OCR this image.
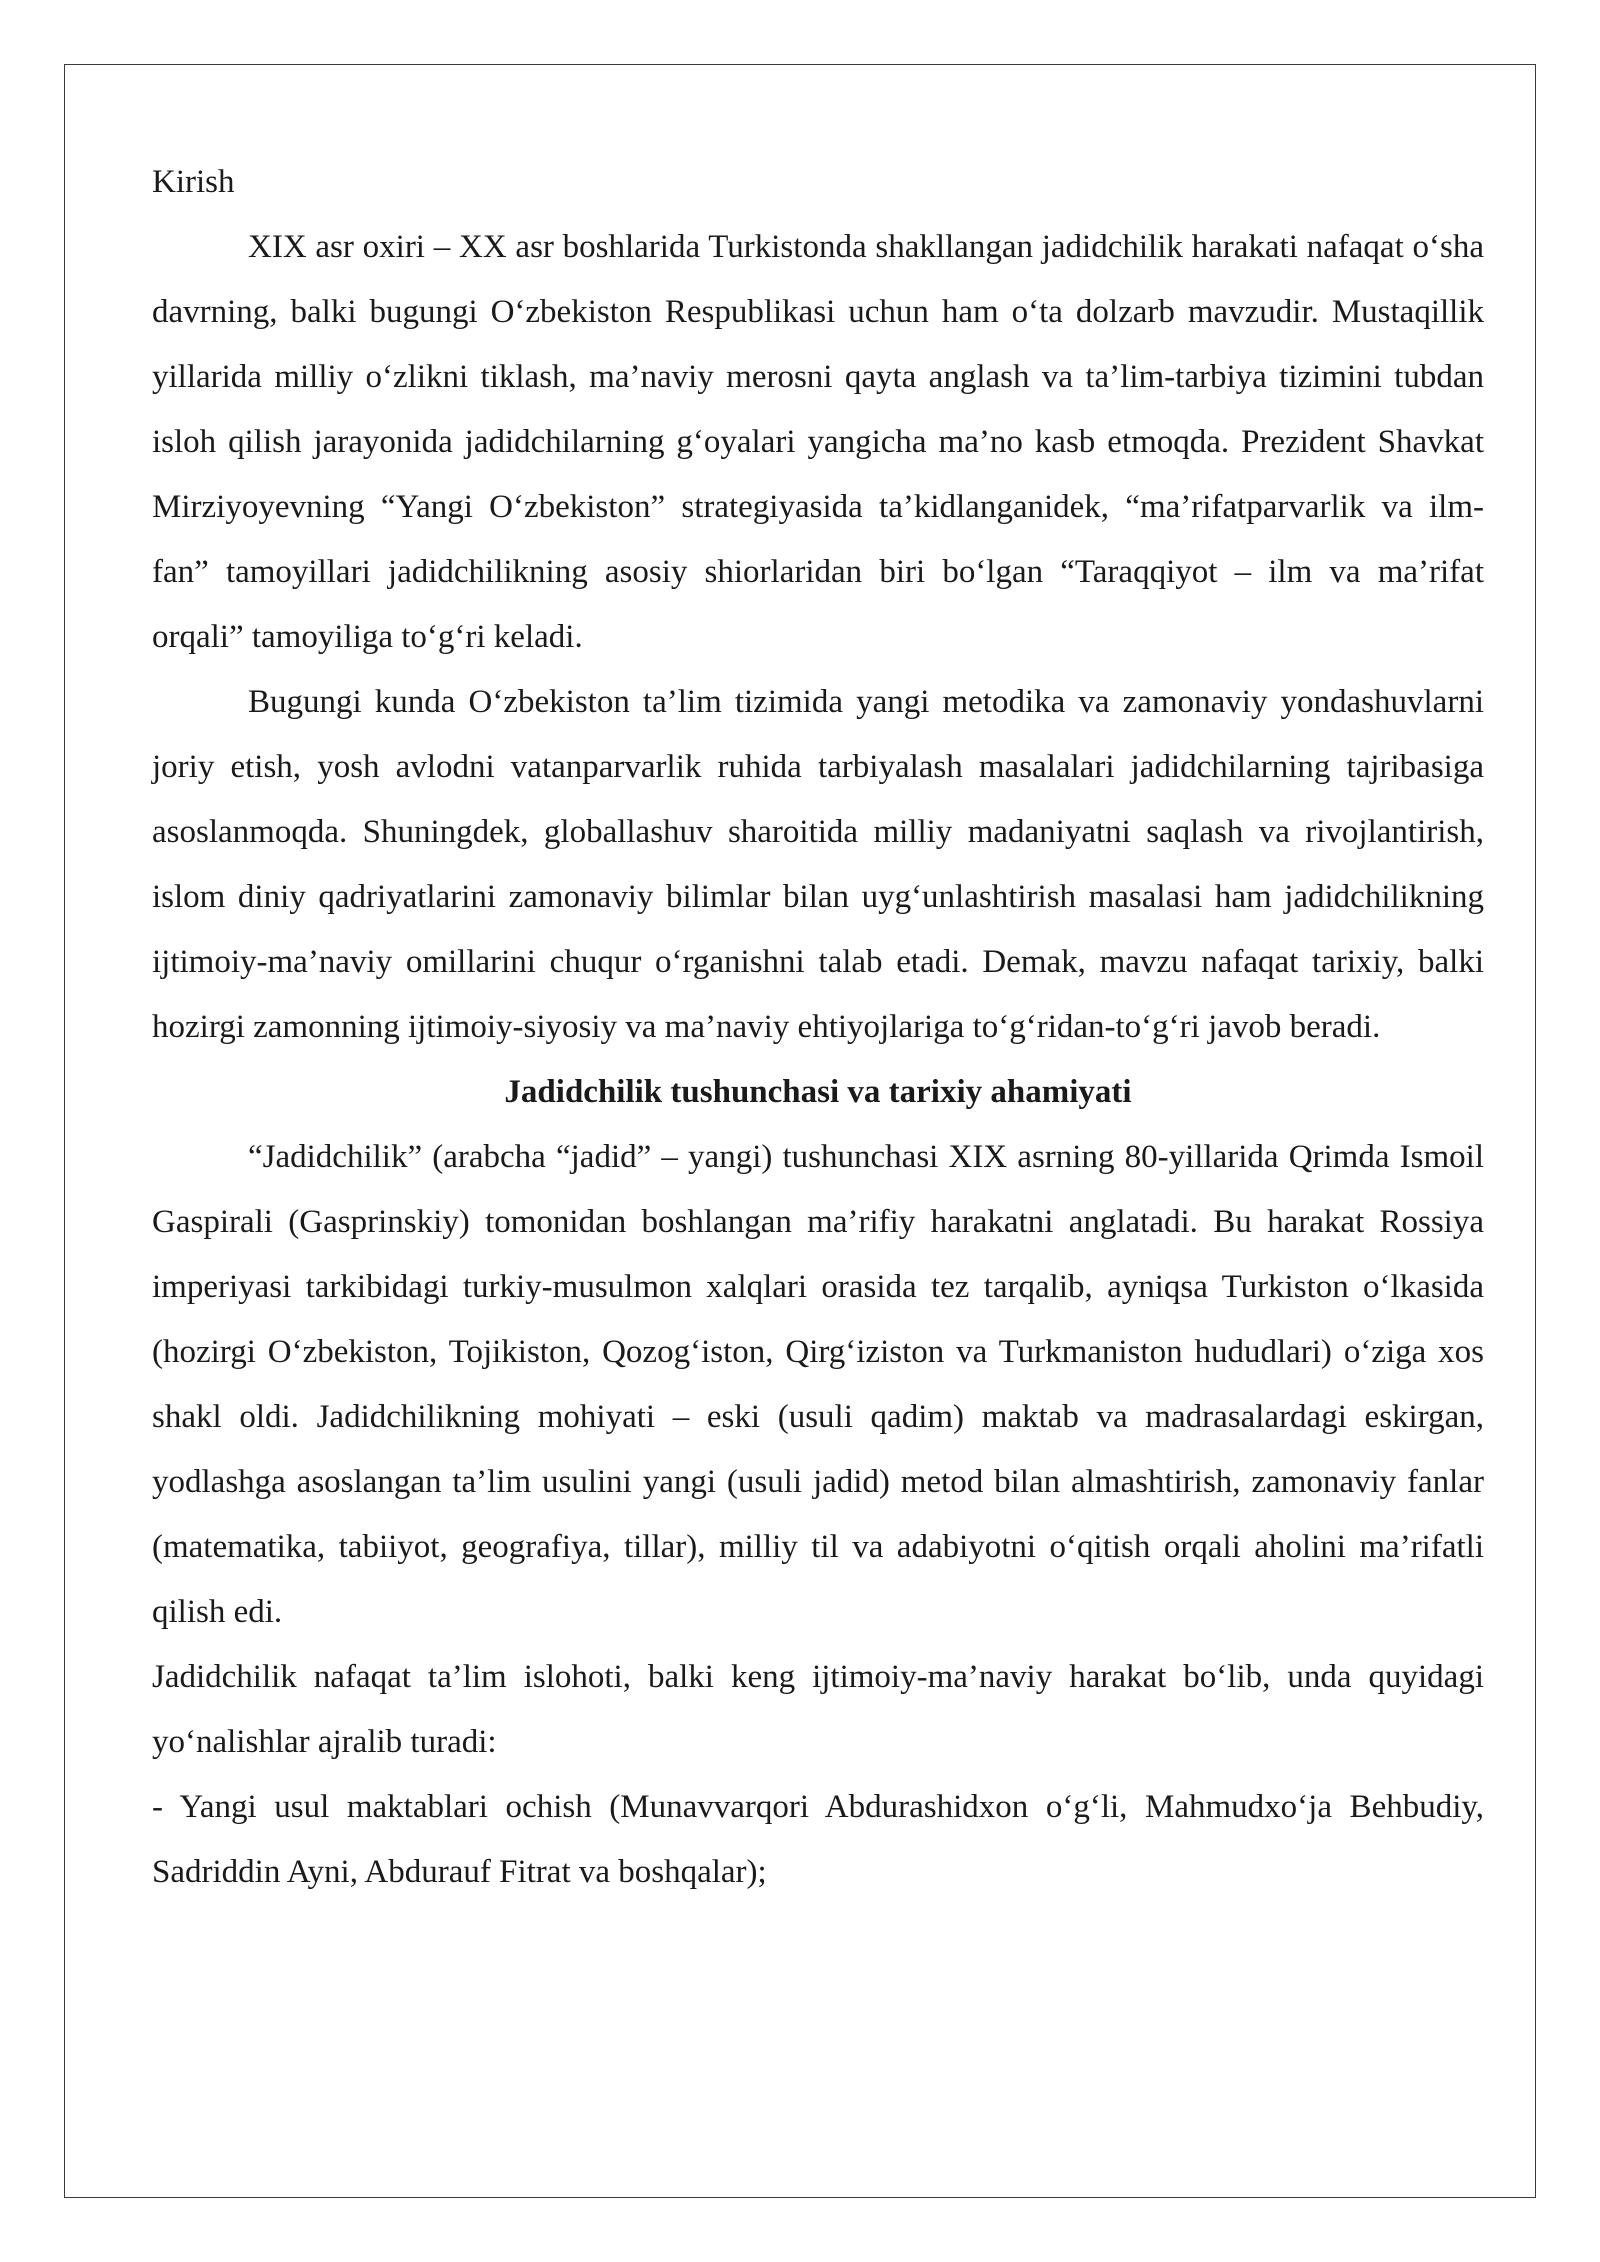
Kirish

XIX asr oxiri – XX asr boshlarida Turkistonda shakllangan jadidchilik harakati nafaqat o‘sha davrning, balki bugungi O‘zbekiston Respublikasi uchun ham o‘ta dolzarb mavzudir. Mustaqillik yillarida milliy o‘zlikni tiklash, ma’naviy merosni qayta anglash va ta’lim-tarbiya tizimini tubdan isloh qilish jarayonida jadidchilarning g‘oyalari yangicha ma’no kasb etmoqda. Prezident Shavkat Mirziyoyevning “Yangi O‘zbekiston” strategiyasida ta’kidlanganidek, “ma’rifatparvarlik va ilm-fan” tamoyillari jadidchilikning asosiy shiorlaridan biri bo‘lgan “Taraqqiyot – ilm va ma’rifat orqali” tamoyiliga to‘g‘ri keladi.

Bugungi kunda O‘zbekiston ta’lim tizimida yangi metodika va zamonaviy yondashuvlarni joriy etish, yosh avlodni vatanparvarlik ruhida tarbiyalash masalalari jadidchilarning tajribasiga asoslanmoqda. Shuningdek, globallashuv sharoitida milliy madaniyatni saqlash va rivojlantirish, islom diniy qadriyatlarini zamonaviy bilimlar bilan uyg‘unlashtirish masalasi ham jadidchilikning ijtimoiy-ma’naviy omillarini chuqur o‘rganishni talab etadi. Demak, mavzu nafaqat tarixiy, balki hozirgi zamonning ijtimoiy-siyosiy va ma’naviy ehtiyojlariga to‘g‘ridan-to‘g‘ri javob beradi.

Jadidchilik tushunchasi va tarixiy ahamiyati

“Jadidchilik” (arabcha “jadid” – yangi) tushunchasi XIX asrning 80-yillarida Qrimda Ismoil Gaspirali (Gasprinskiy) tomonidan boshlangan ma’rifiy harakatni anglatadi. Bu harakat Rossiya imperiyasi tarkibidagi turkiy-musulmon xalqlari orasida tez tarqalib, ayniqsa Turkiston o‘lkasida (hozirgi O‘zbekiston, Tojikiston, Qozog‘iston, Qirg‘iziston va Turkmaniston hududlari) o‘ziga xos shakl oldi. Jadidchilikning mohiyati – eski (usuli qadim) maktab va madrasalardagi eskirgan, yodlashga asoslangan ta’lim usulini yangi (usuli jadid) metod bilan almashtirish, zamonaviy fanlar (matematika, tabiiyot, geografiya, tillar), milliy til va adabiyotni o‘qitish orqali aholini ma’rifatli qilish edi.

Jadidchilik nafaqat ta’lim islohoti, balki keng ijtimoiy-ma’naviy harakat bo‘lib, unda quyidagi yo‘nalishlar ajralib turadi:

- Yangi usul maktablari ochish (Munavvarqori Abdurashidxon o‘g‘li, Mahmudxo‘ja Behbudiy, Sadriddin Ayni, Abdurauf Fitrat va boshqalar);
